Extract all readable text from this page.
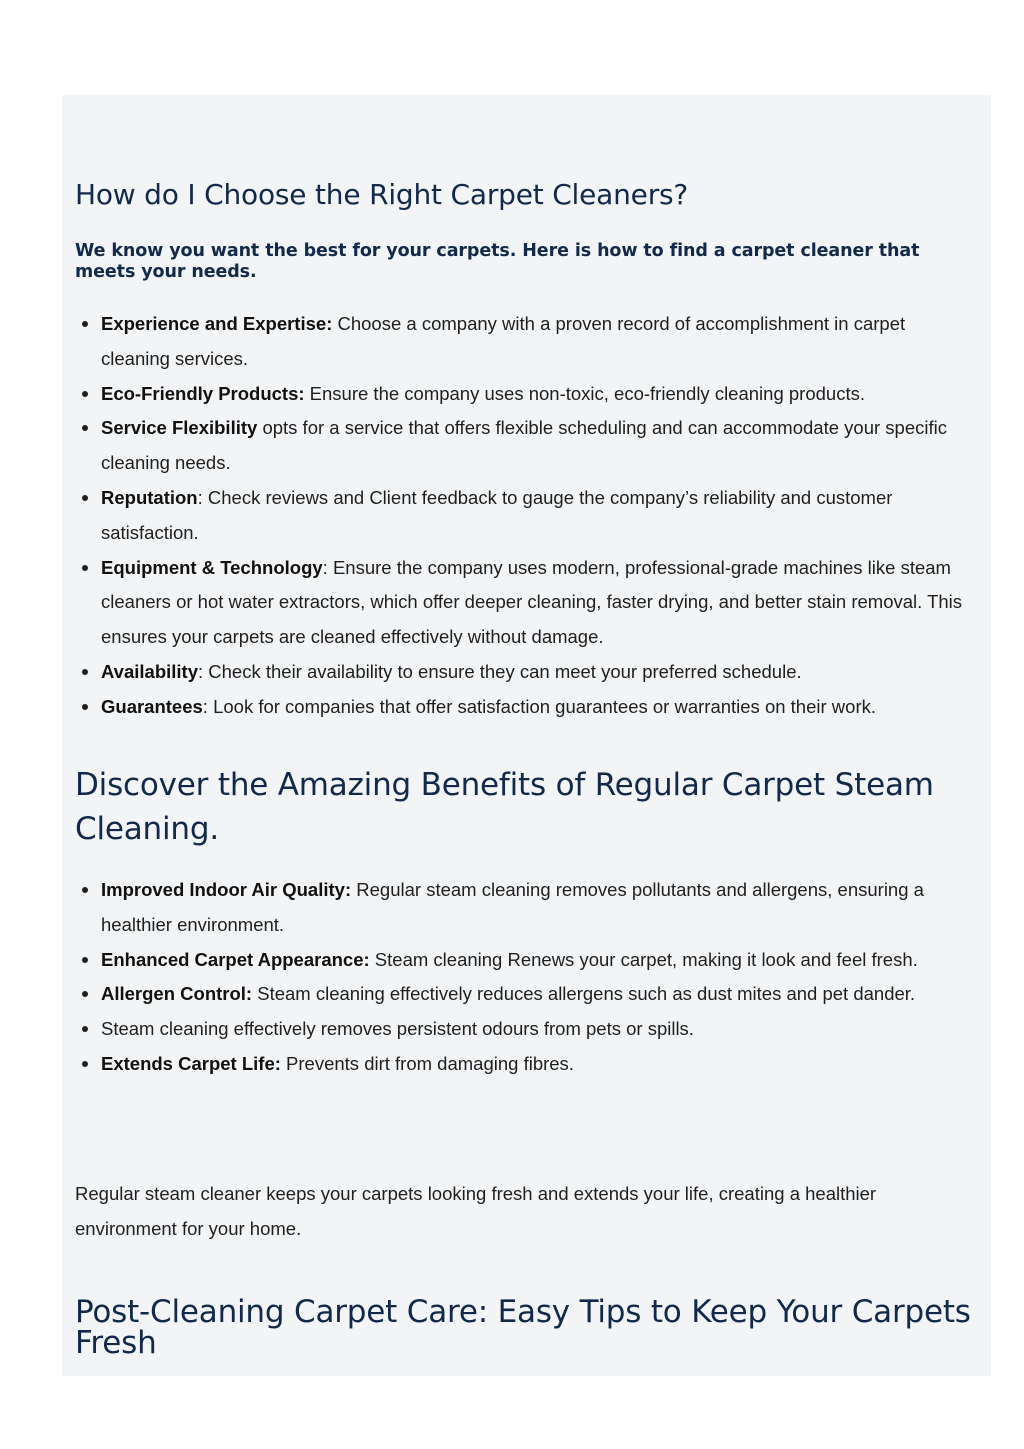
How do I Choose the Right Carpet Cleaners?

We know you want the best for your carpets. Here is how to find a carpet cleaner that meets your needs.

Experience and Expertise: Choose a company with a proven record of accomplishment in carpet cleaning services.
Eco-Friendly Products: Ensure the company uses non-toxic, eco-friendly cleaning products.
Service Flexibility opts for a service that offers flexible scheduling and can accommodate your specific cleaning needs.
Reputation: Check reviews and Client feedback to gauge the company’s reliability and customer satisfaction.
Equipment & Technology: Ensure the company uses modern, professional-grade machines like steam cleaners or hot water extractors, which offer deeper cleaning, faster drying, and better stain removal. This ensures your carpets are cleaned effectively without damage.
Availability: Check their availability to ensure they can meet your preferred schedule.
Guarantees: Look for companies that offer satisfaction guarantees or warranties on their work.
Discover the Amazing Benefits of Regular Carpet Steam Cleaning.
Improved Indoor Air Quality: Regular steam cleaning removes pollutants and allergens, ensuring a healthier environment.
Enhanced Carpet Appearance: Steam cleaning Renews your carpet, making it look and feel fresh.
Allergen Control: Steam cleaning effectively reduces allergens such as dust mites and pet dander.
Steam cleaning effectively removes persistent odours from pets or spills.
Extends Carpet Life: Prevents dirt from damaging fibres.

Regular steam cleaner keeps your carpets looking fresh and extends your life, creating a healthier environment for your home.

Post-Cleaning Carpet Care: Easy Tips to Keep Your Carpets Fresh
